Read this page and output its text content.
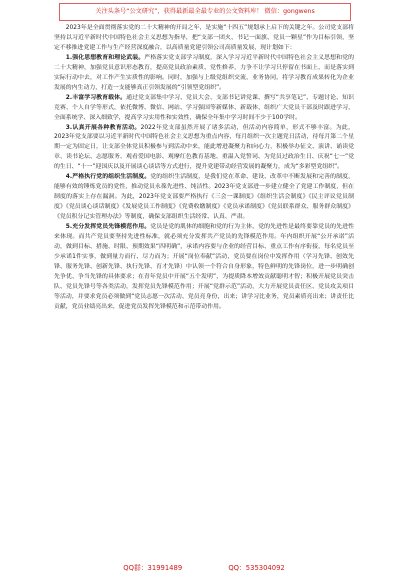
关注头条号“公文研究”，获得最新最全最专业的公文资料库！ 微信：gongwens

2023年是全面贯彻落实党的二十大精神的开局之年，是实施“十四五”规划承上启下的关键之年。公司党支部将坚持以习近平新时代中国特色社会主义思想为指导，把“支部一团火、书记一面旗、党员一颗星”作为目标引领，坚定不移推进党建工作与生产经营深度融合，以高质量党建引领公司高质量发展，现计划如下：

1.强化思想教育和理论武装。严格落实党支部学习制度，深入学习习近平新时代中国特色社会主义思想和党的二十大精神，加强党员意识形态教育，提高党员政治素质、党性修养，力争不让学习只停留在书面上，而是落实到实际行动中去，对工作产生实质性的影响。同时，加强与上级党组织交流，业务协同，将学习教育成果转化为企业发展的内生动力，打造一支能够真正引领发展的“引领型党组织”。

2.丰富学习教育载体。通过党支部集中学习、党员大会、支部书记讲党课、撰写“共享笔记”、专题讨论、知识竞赛、个人自学等形式，依托微博、微信、网站、学习强国等新媒体、新载体，组织广大党员干部及时跟进学习，全面系统学、深入细致学，提高学习实用性和实效性，确保全年集中学习时间不少于100学时。

3.认真开展各种教育活动。2022年党支部虽然开展了诸多活动，但活动内容简单，形式不够丰富。为此，2023年党支部要以习近平新时代中国特色社会主义思想为重点内容，每月组织一次主题党日活动，待每月第二个星期一定为固定日，让支部全体党员积极参与到活动中来，能此增进凝聚力和向心力，积极举办征文、演讲、诵读党章、读书论坛、志愿服务、观看爱国电影、观摩红色教育基地、重温入党誓词、为党员过政治生日、庆祝“七一”党的生日、“十一”迎国庆以及开展谈心谈话等方式进行，提升党建带动经营发展的凝聚力，成为“多彩型党组织”。

4.严格执行党的组织生活制度。党的组织生活制度，是我们党在革命、建设、改革中不断发展和完善的制度，能够有效的锤炼党员的党性，推动党员永葆先进性、纯洁性。2023年党支部进一步建立健全了党建工作制度，但在制度的落实上存在漏洞。为此，2023年党支部要严格执行《三会一课制度》《组织生活会制度》《民主评议党员制度》《党员谈心谈话制度》《发展党员工作制度》《党费收缴制度》《党员承诺制度》《党员联系群众、服务群众制度》《党员积分记实管理办法》等制度，确保支部组织生活经常、认真、严肃。

5.充分发挥党员先锋模范作用。党员是党的肌体的细胞和党的行为主体，党的先进性是最终要靠党员的先进性来体现。而共产党员要坚持先进性标准，就必须充分发挥共产党员的先锋模范作用。年内组织开展“公开承诺”活动，做到目标、措施、时限、预期效果“四明确”，承诺内容要与企业的经营目标、重点工作有序衔接，每名党员至少承诺1件实事，做到量力而行、尽力而为；开展“岗位奉献”活动，党员要在岗位中发挥作用（学习先锋、创效先锋、服务先锋、创新先锋、执行先锋、育才先锋）中认领一个符合自身形象，特色鲜明的先锋岗位，进一步明确创先争优、争当先锋的具体要求；在青年党员中开展“五个发明”，为提质降本增效贡献聪明才智；积极开展党员突击队、党员先锋号等各类活动，发挥党员先锋模范作用；开展“党群示范”活动，大力开展党员责任区、党员攻关项目等活动，并要求党员必须做到“党员志愿一次活动、党员亮身份，出来；讲学习比业务，党员素质亮出来；讲责任比贡献，党员业绩亮出来，促进党员发挥先锋模范和示范带动作用。

QQ群：31991489	QQ：535304092
